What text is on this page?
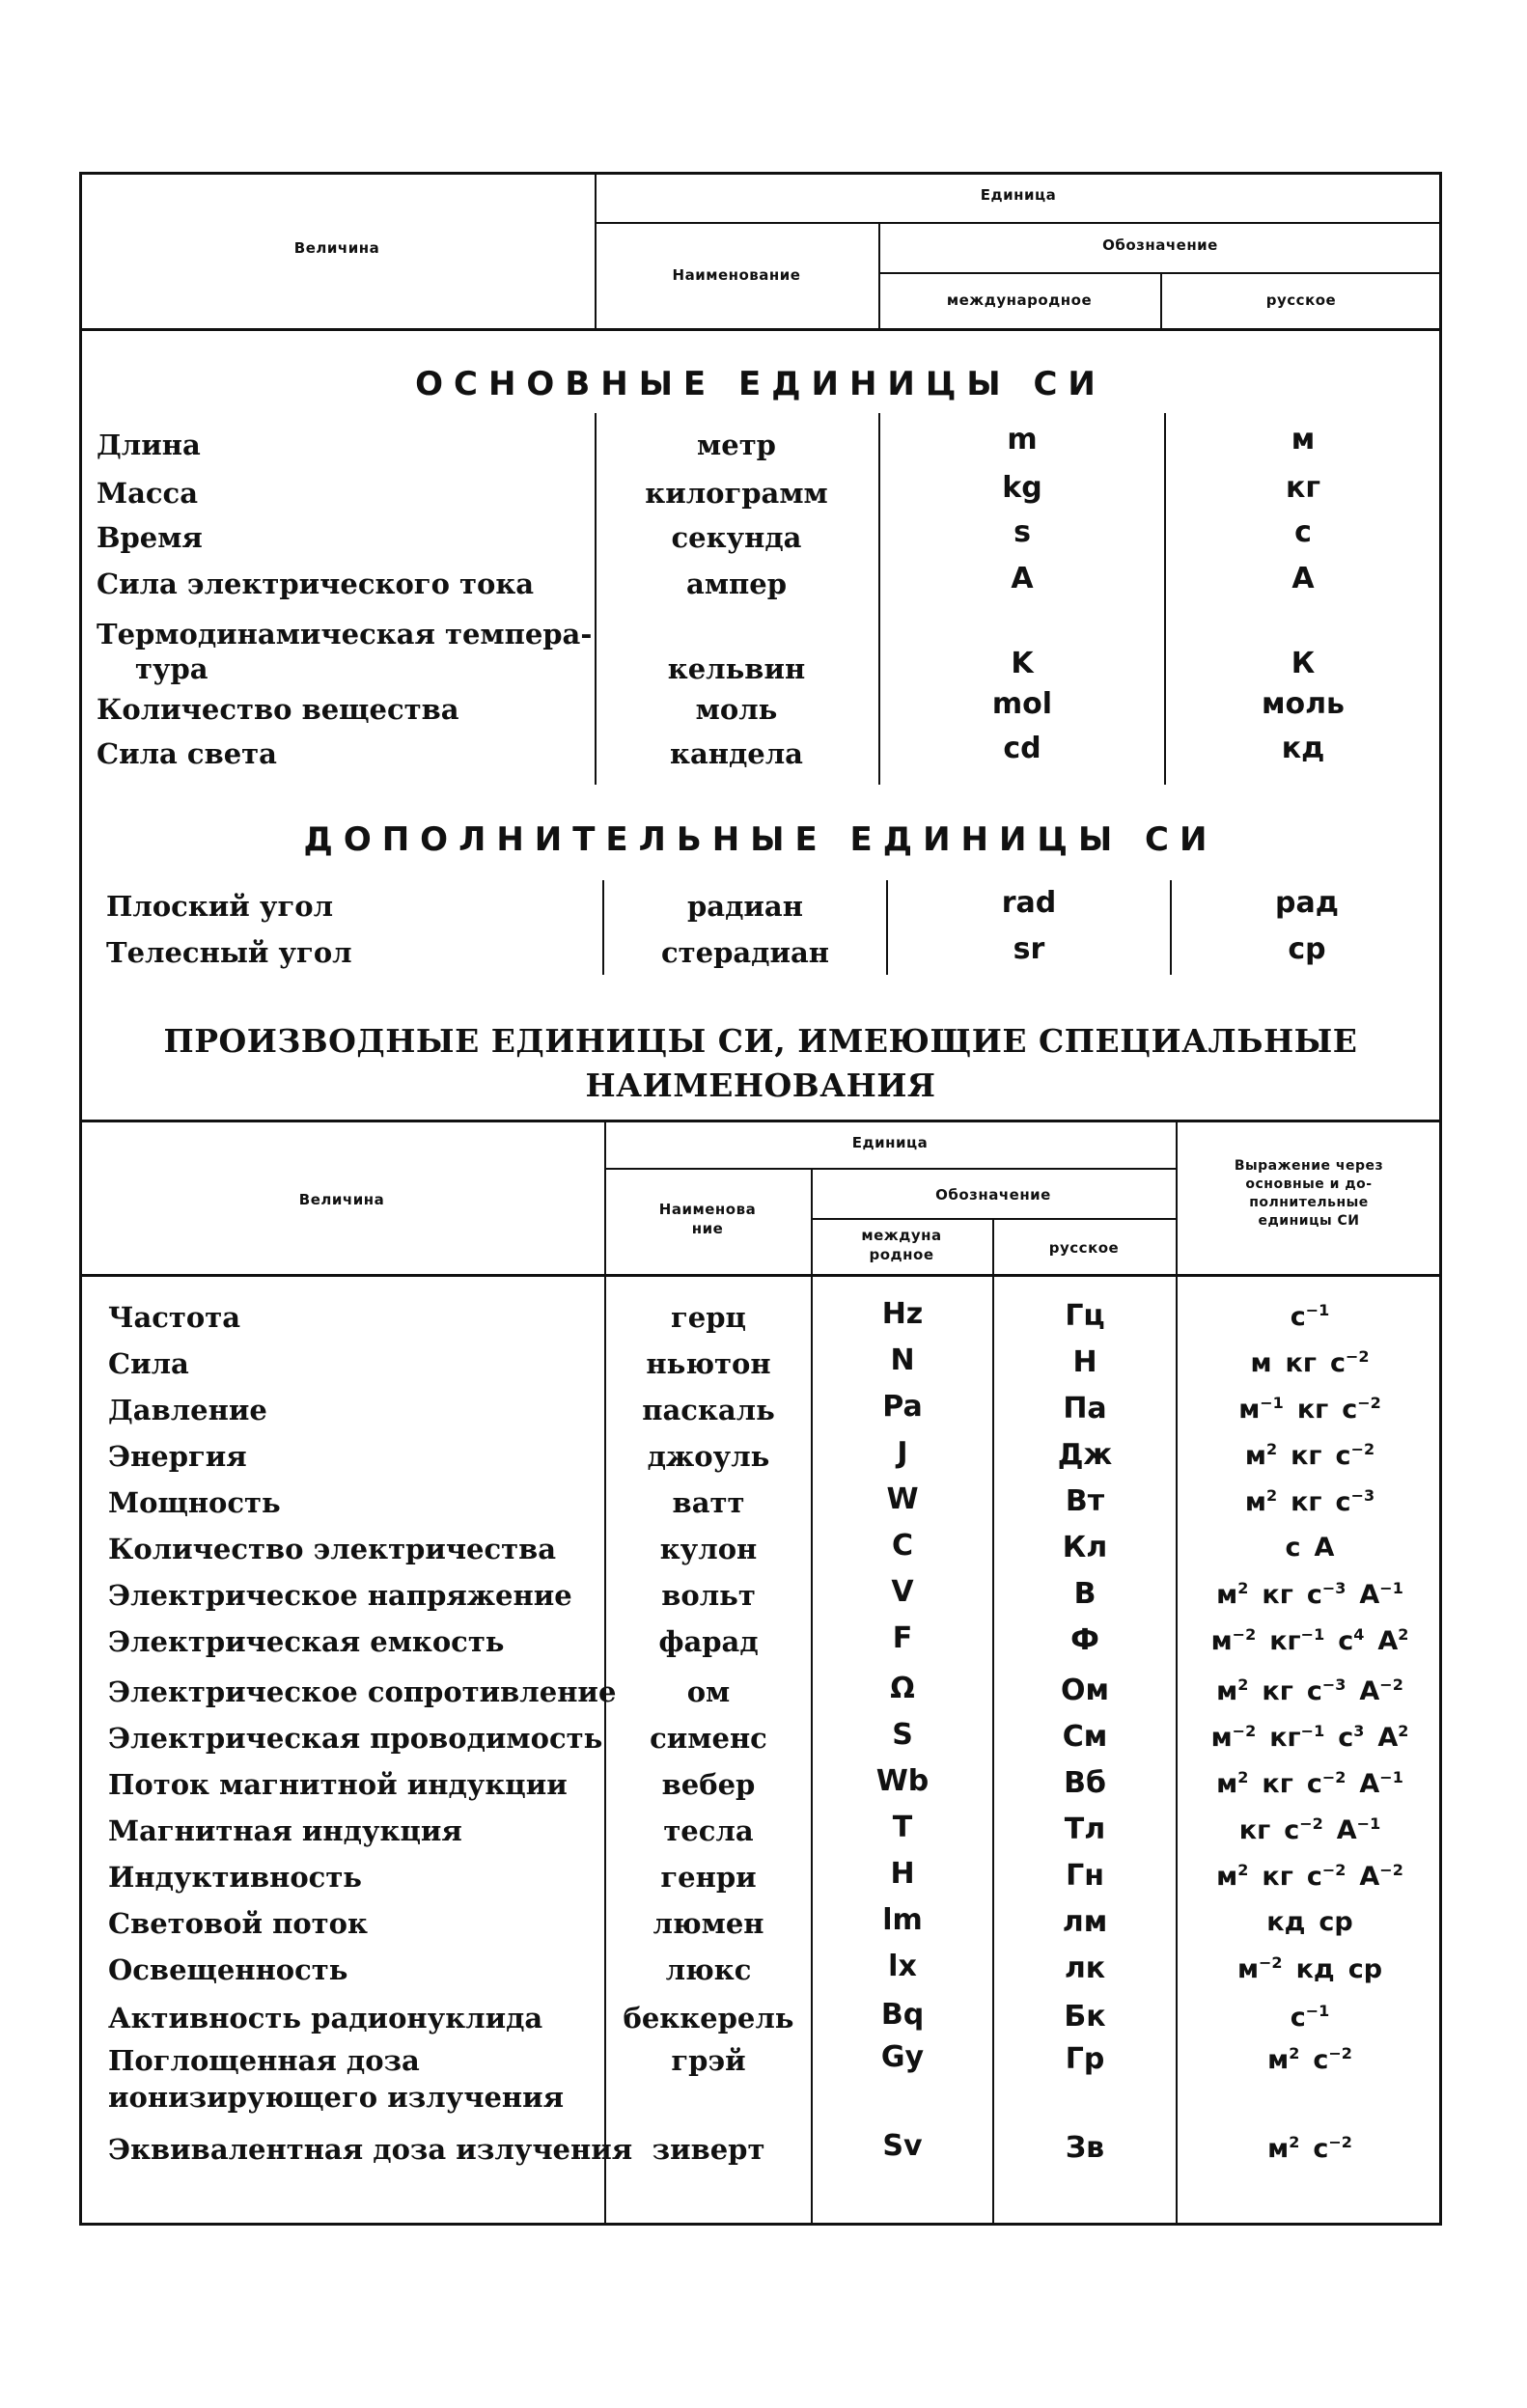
Величина
Единица
Наименование
Обозначение
международное	русское
ОСНОВНЫЕ ЕДИНИЦЫ СИ
Длина	метр	m	м
Масса	килограмм	kg	кг
Время	секунда	s	с
Сила электрического тока	ампер	A	А
Термодинамическая темпера-
тура	кельвин	K	К
Количество вещества	моль	mol	моль
Сила света	кандела	cd	кд
ДОПОЛНИТЕЛЬНЫЕ ЕДИНИЦЫ СИ
Плоский угол	радиан	rad	рад
Телесный угол	стерадиан	sr	ср
ПРОИЗВОДНЫЕ ЕДИНИЦЫ СИ, ИМЕЮЩИЕ СПЕЦИАЛЬНЫЕ
НАИМЕНОВАНИЯ
Величина
Единица
Наименова
ние
Обозначение
междуна
родное	русское
Выражение через
основные и до-
полнительные
единицы СИ
Частота	герц	Hz	Гц	$с^{-1}$
Сила	ньютон	N	Н	м кг $с^{-2}$
Давление	паскаль	Pa	Па	$м^{-1}$ кг $с^{-2}$
Энергия	джоуль	J	Дж	$м^2$ кг $с^{-2}$
Мощность	ватт	W	Вт	$м^2$ кг $с^{-3}$
Количество электричества	кулон	C	Кл	с А
Электрическое напряжение	вольт	V	В	$м^2$ кг $с^{-3}$ $А^{-1}$
Электрическая емкость	фарад	F	Ф	$м^{-2}$ $кг^{-1}$ $с^4$ $А^2$
Электрическое сопротивление	ом	Ω	Ом	$м^2$ кг $с^{-3}$ $А^{-2}$
Электрическая проводимость	сименс	S	См	$м^{-2}$ $кг^{-1}$ $с^3$ $А^2$
Поток магнитной индукции	вебер	Wb	Вб	$м^2$ кг $с^{-2}$ $А^{-1}$
Магнитная индукция	тесла	T	Тл	кг $с^{-2}$ $А^{-1}$
Индуктивность	генри	H	Гн	$м^2$ кг $с^{-2}$ $А^{-2}$
Световой поток	люмен	lm	лм	кд ср
Освещенность	люкс	lx	лк	$м^{-2}$ кд ср
Активность радионуклида	беккерель	Bq	Бк	$с^{-1}$
Поглощенная доза
ионизирующего излучения
грэй	Gy	Гр	$м^2$ $с^{-2}$
Эквивалентная доза излучения зиверт	Sv	Зв	$м^2$ $с^{-2}$
